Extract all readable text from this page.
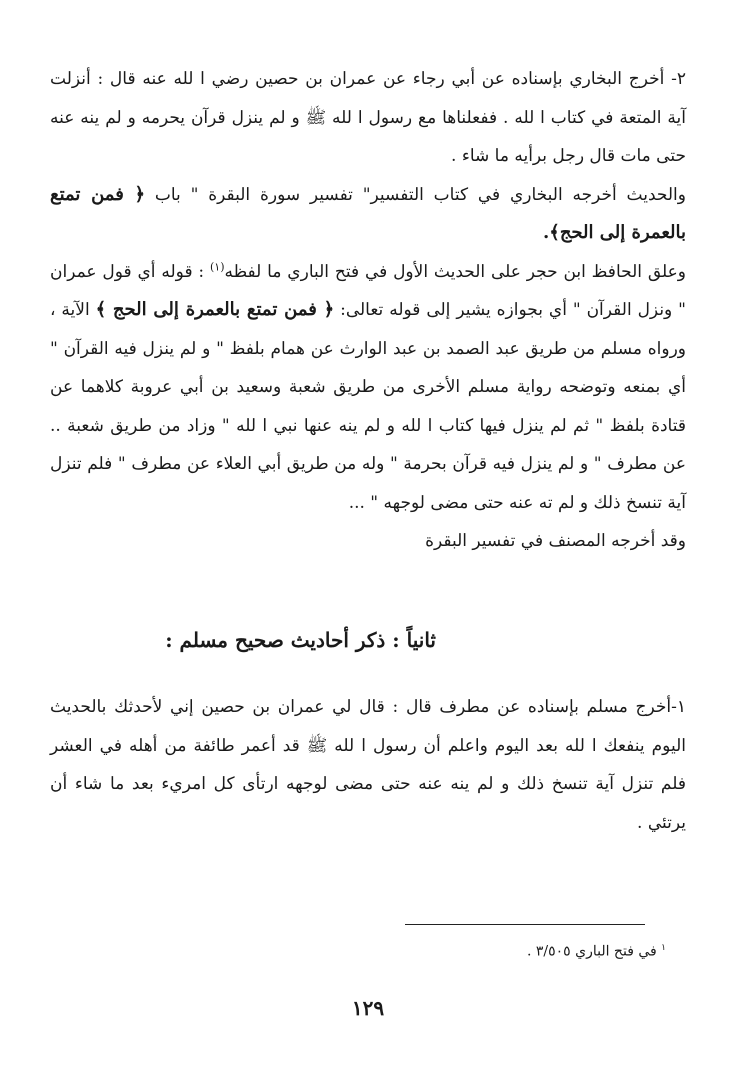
٢- أخرج البخاري بإسناده عن أبي رجاء عن عمران بن حصين رضي ا لله عنه قال : أنزلت آية المتعة في كتاب ا لله . ففعلناها مع رسول ا لله ﷺ و لم ينزل قرآن يحرمه و لم ينه عنه حتى مات قال رجل برأيه ما شاء .

والحديث أخرجه البخاري في كتاب التفسير" تفسير سورة البقرة " باب ﴿ فمن تمتع بالعمرة إلى الحج﴾.

وعلق الحافظ ابن حجر على الحديث الأول في فتح الباري ما لفظه$^{(١)}$ : قوله أي قول عمران " ونزل القرآن " أي بجوازه يشير إلى قوله تعالى: ﴿ فمن تمتع بالعمرة إلى الحج ﴾ الآية ، ورواه مسلم من طريق عبد الصمد بن عبد الوارث عن همام بلفظ " و لم ينزل فيه القرآن " أي بمنعه وتوضحه رواية مسلم الأخرى من طريق شعبة وسعيد بن أبي عروبة كلاهما عن قتادة بلفظ " ثم لم ينزل فيها كتاب ا لله و لم ينه عنها نبي ا لله " وزاد من طريق شعبة .. عن مطرف " و لم ينزل فيه قرآن بحرمة " وله من طريق أبي العلاء عن مطرف " فلم تنزل آية تنسخ ذلك و لم ته عنه حتى مضى لوجهه " ...

وقد أخرجه المصنف في تفسير البقرة

ثانياً : ذكر أحاديث صحيح مسلم :

١-أخرج مسلم بإسناده عن مطرف قال : قال لي عمران بن حصين إني لأحدثك بالحديث اليوم ينفعك ا لله بعد اليوم واعلم أن رسول ا لله ﷺ قد أعمر طائفة من أهله في العشر فلم تنزل آية تنسخ ذلك و لم ينه عنه حتى مضى لوجهه ارتأى كل امريء بعد ما شاء أن يرتئي .

$^١$ في فتح الباري ٣/٥٠٥ .
١٢٩
